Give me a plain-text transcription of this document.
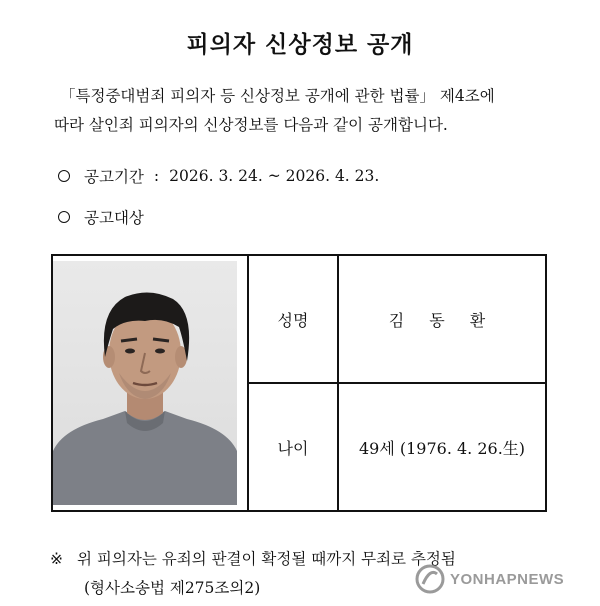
피의자 신상정보 공개
「특정중대범죄 피의자 등 신상정보 공개에 관한 법률」 제4조에
따라 살인죄 피의자의 신상정보를 다음과 같이 공개합니다.
공고기간 : 2026. 3. 24. ~ 2026. 4. 23.
공고대상
	성명	김 동 환
	나이	49세 (1976. 4. 26.生)
※ 위 피의자는 유죄의 판결이 확정될 때까지 무죄로 추정됨
(형사소송법 제275조의2)	YONHAPNEWS
